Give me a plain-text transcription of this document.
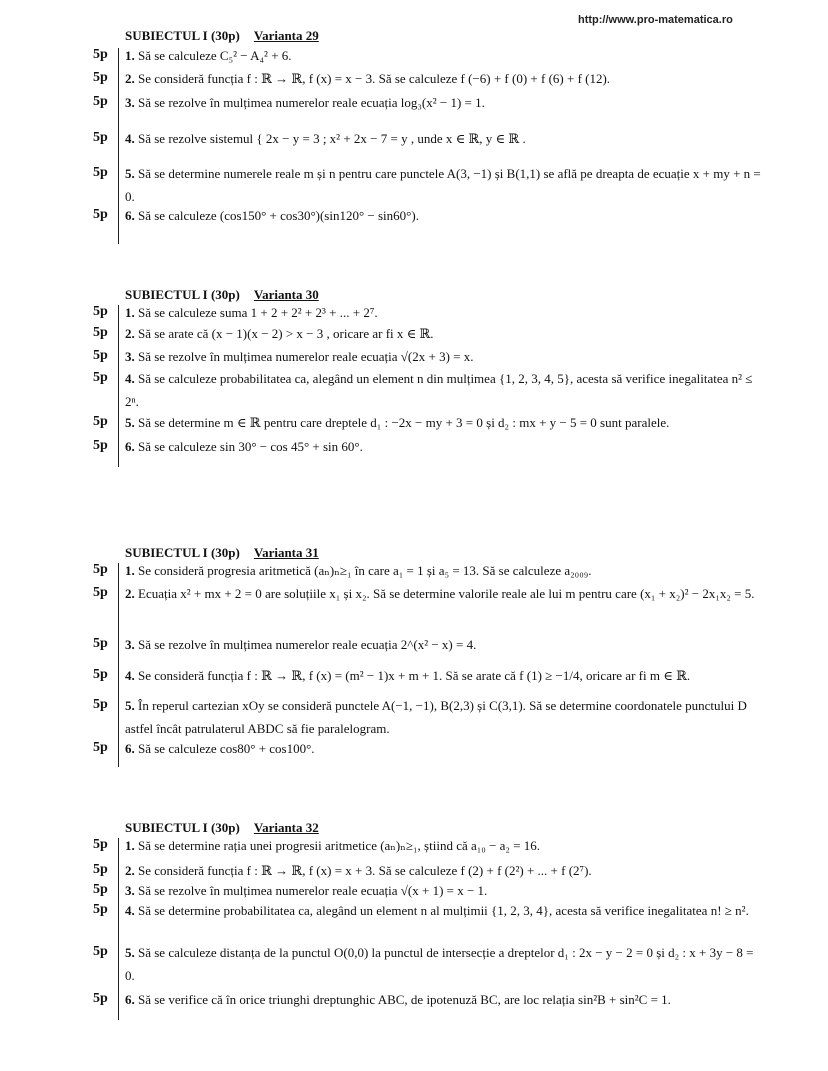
http://www.pro-matematica.ro
SUBIECTUL I (30p) Varianta 29
5p 1. Să se calculeze C₅² − A₄² + 6.
5p 2. Se consideră funcția f : ℝ → ℝ, f (x) = x − 3. Să se calculeze f (−6) + f (0) + f (6) + f (12).
5p 3. Să se rezolve în mulțimea numerelor reale ecuația log₃(x² − 1) = 1.
5p 4. Să se rezolve sistemul { 2x − y = 3 ; x² + 2x − 7 = y , unde x ∈ ℝ, y ∈ ℝ .
5p 5. Să se determine numerele reale m și n pentru care punctele A(3, −1) și B(1,1) se află pe dreapta de ecuație x + my + n = 0.
5p 6. Să se calculeze (cos150° + cos30°)(sin120° − sin60°).
SUBIECTUL I (30p) Varianta 30
5p 1. Să se calculeze suma 1 + 2 + 2² + 2³ + ... + 2⁷.
5p 2. Să se arate că (x − 1)(x − 2) > x − 3 , oricare ar fi x ∈ ℝ.
5p 3. Să se rezolve în mulțimea numerelor reale ecuația √(2x + 3) = x.
5p 4. Să se calculeze probabilitatea ca, alegând un element n din mulțimea {1, 2, 3, 4, 5}, acesta să verifice inegalitatea n² ≤ 2ⁿ.
5p 5. Să se determine m ∈ ℝ pentru care dreptele d₁ : −2x − my + 3 = 0 și d₂ : mx + y − 5 = 0 sunt paralele.
5p 6. Să se calculeze sin 30° − cos 45° + sin 60°.
SUBIECTUL I (30p) Varianta 31
5p 1. Se consideră progresia aritmetică (aₙ)ₙ≥₁ în care a₁ = 1 și a₅ = 13. Să se calculeze a₂₀₀₉.
5p 2. Ecuația x² + mx + 2 = 0 are soluțiile x₁ și x₂. Să se determine valorile reale ale lui m pentru care (x₁ + x₂)² − 2x₁x₂ = 5.
5p 3. Să se rezolve în mulțimea numerelor reale ecuația 2^(x² − x) = 4.
5p 4. Se consideră funcția f : ℝ → ℝ, f (x) = (m² − 1)x + m + 1. Să se arate că f (1) ≥ −1/4, oricare ar fi m ∈ ℝ.
5p 5. În reperul cartezian xOy se consideră punctele A(−1, −1), B(2,3) și C(3,1). Să se determine coordonatele punctului D astfel încât patrulaterul ABDC să fie paralelogram.
5p 6. Să se calculeze cos80° + cos100°.
SUBIECTUL I (30p) Varianta 32
5p 1. Să se determine rația unei progresii aritmetice (aₙ)ₙ≥₁, știind că a₁₀ − a₂ = 16.
5p 2. Se consideră funcția f : ℝ → ℝ, f (x) = x + 3. Să se calculeze f (2) + f (2²) + ... + f (2⁷).
5p 3. Să se rezolve în mulțimea numerelor reale ecuația √(x + 1) = x − 1.
5p 4. Să se determine probabilitatea ca, alegând un element n al mulțimii {1, 2, 3, 4}, acesta să verifice inegalitatea n! ≥ n².
5p 5. Să se calculeze distanța de la punctul O(0,0) la punctul de intersecție a dreptelor d₁ : 2x − y − 2 = 0 și d₂ : x + 3y − 8 = 0.
5p 6. Să se verifice că în orice triunghi dreptunghic ABC, de ipotenuză BC, are loc relația sin²B + sin²C = 1.
